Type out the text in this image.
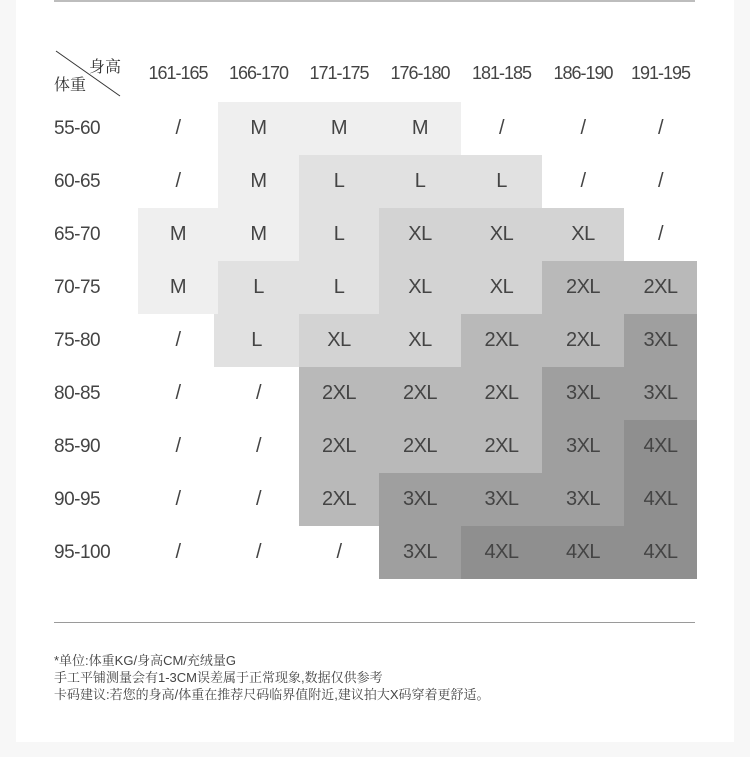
身高
体重
161-165	166-170	171-175	176-180	181-185	186-190	191-195
55-60	/	M	M	M	/	/	/
60-65	/	M	L	L	L	/	/
65-70	M	M	L	XL	XL	XL	/
70-75	M	L	L	XL	XL	2XL	2XL
75-80	/	L	XL	XL	2XL	2XL	3XL
80-85	/	/	2XL	2XL	2XL	3XL	3XL
85-90	/	/	2XL	2XL	2XL	3XL	4XL
90-95	/	/	2XL	3XL	3XL	3XL	4XL
95-100	/	/	/	3XL	4XL	4XL	4XL
*单位:体重KG/身高CM/充绒量G
手工平铺测量会有1-3CM误差属于正常现象,数据仅供参考
卡码建议:若您的身高/体重在推荐尺码临界值附近,建议拍大X码穿着更舒适。
